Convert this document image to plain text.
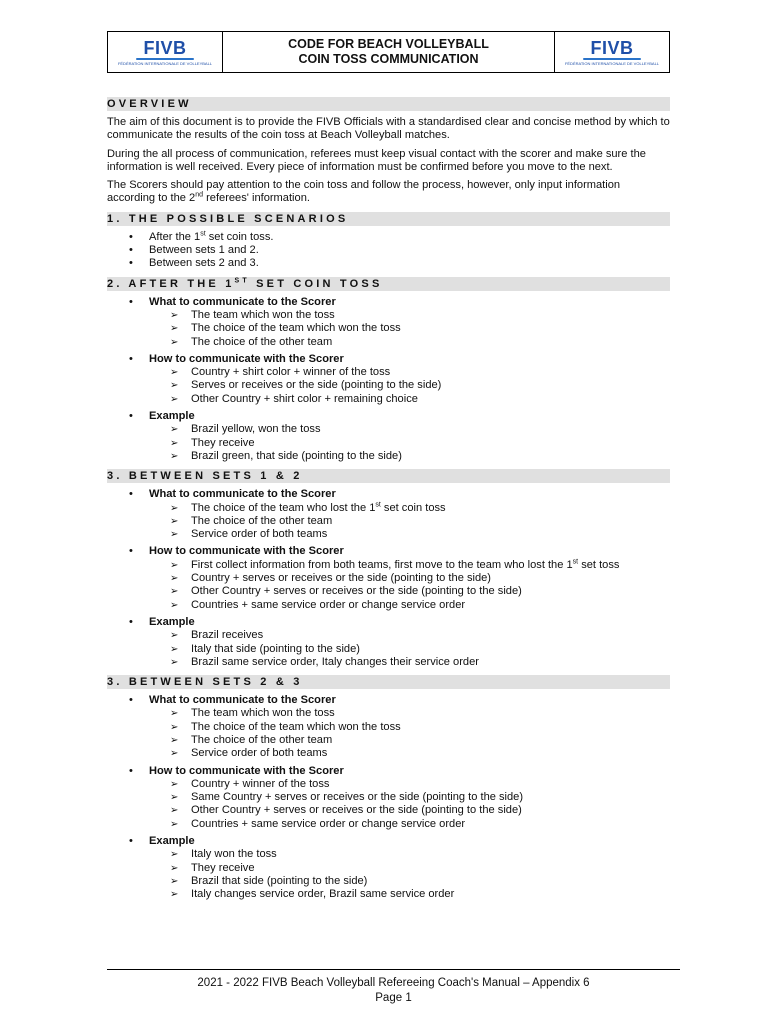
FIVB
FÉDÉRATION INTERNATIONALE DE VOLLEYBALL
CODE FOR BEACH VOLLEYBALL
COIN TOSS COMMUNICATION
FIVB
FÉDÉRATION INTERNATIONALE DE VOLLEYBALL
OVERVIEW
The aim of this document is to provide the FIVB Officials with a standardised clear and concise method by which to communicate the results of the coin toss at Beach Volleyball matches.
During the all process of communication, referees must keep visual contact with the scorer and make sure the information is well received. Every piece of information must be confirmed before you move to the next.
The Scorers should pay attention to the coin toss and follow the process, however, only input information according to the 2nd referees' information.
1. THE POSSIBLE SCENARIOS
• After the 1st set coin toss.
• Between sets 1 and 2.
• Between sets 2 and 3.
2. AFTER THE 1ST SET COIN TOSS
• What to communicate to the Scorer
➢ The team which won the toss
➢ The choice of the team which won the toss
➢ The choice of the other team
• How to communicate with the Scorer
➢ Country + shirt color + winner of the toss
➢ Serves or receives or the side (pointing to the side)
➢ Other Country + shirt color + remaining choice
• Example
➢ Brazil yellow, won the toss
➢ They receive
➢ Brazil green, that side (pointing to the side)
3. BETWEEN SETS 1 & 2
• What to communicate to the Scorer
➢ The choice of the team who lost the 1st set coin toss
➢ The choice of the other team
➢ Service order of both teams
• How to communicate with the Scorer
➢ First collect information from both teams, first move to the team who lost the 1st set toss
➢ Country + serves or receives or the side (pointing to the side)
➢ Other Country + serves or receives or the side (pointing to the side)
➢ Countries + same service order or change service order
• Example
➢ Brazil receives
➢ Italy that side (pointing to the side)
➢ Brazil same service order, Italy changes their service order
3. BETWEEN SETS 2 & 3
• What to communicate to the Scorer
➢ The team which won the toss
➢ The choice of the team which won the toss
➢ The choice of the other team
➢ Service order of both teams
• How to communicate with the Scorer
➢ Country + winner of the toss
➢ Same Country + serves or receives or the side (pointing to the side)
➢ Other Country + serves or receives or the side (pointing to the side)
➢ Countries + same service order or change service order
• Example
➢ Italy won the toss
➢ They receive
➢ Brazil that side (pointing to the side)
➢ Italy changes service order, Brazil same service order
2021 - 2022 FIVB Beach Volleyball Refereeing Coach's Manual – Appendix 6
Page 1
